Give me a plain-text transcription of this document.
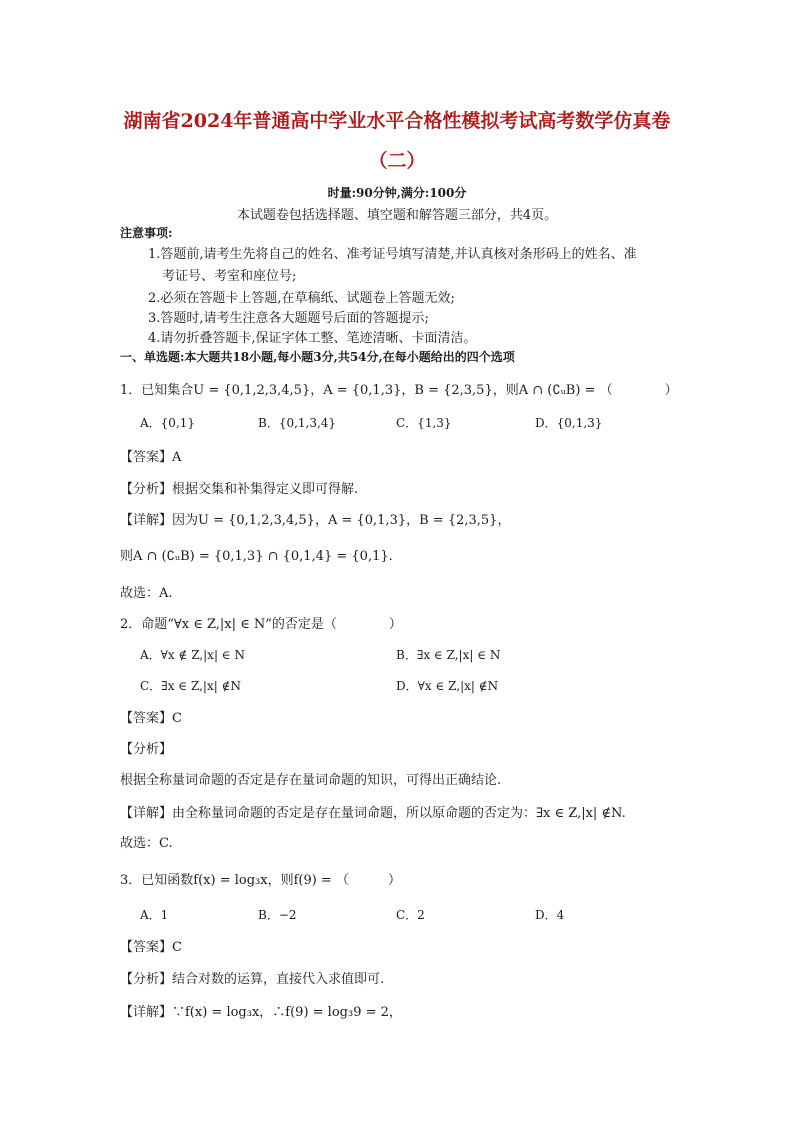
湖南省2024年普通高中学业水平合格性模拟考试高考数学仿真卷
（二）
时量:90分钟,满分:100分
本试题卷包括选择题、填空题和解答题三部分，共4页。
注意事项:
1.答题前,请考生先将自己的姓名、准考证号填写清楚,并认真核对条形码上的姓名、准
考证号、考室和座位号;
2.必须在答题卡上答题,在草稿纸、试题卷上答题无效;
3.答题时,请考生注意各大题题号后面的答题提示;
4.请勿折叠答题卡,保证字体工整、笔迹清晰、卡面清洁。
一、单选题:本大题共18小题,每小题3分,共54分,在每小题给出的四个选项
1．已知集合U = {0,1,2,3,4,5}，A = {0,1,3}，B = {2,3,5}，则A ∩ (∁ᵤB) = （　　　　）
A．{0,1}	B．{0,1,3,4}	C．{1,3}	D．{0,1,3}
【答案】A
【分析】根据交集和补集得定义即可得解.
【详解】因为U = {0,1,2,3,4,5}，A = {0,1,3}，B = {2,3,5}，
则A ∩ (∁ᵤB) = {0,1,3} ∩ {0,1,4} = {0,1}.
故选：A.
2．命题“∀x ∈ Z,|x| ∈ N”的否定是（　　　　）
A．∀x ∉ Z,|x| ∈ N	B．∃x ∈ Z,|x| ∈ N
C．∃x ∈ Z,|x| ∉N	D．∀x ∈ Z,|x| ∉N
【答案】C
【分析】
根据全称量词命题的否定是存在量词命题的知识，可得出正确结论.
【详解】由全称量词命题的否定是存在量词命题，所以原命题的否定为：∃x ∈ Z,|x| ∉N.
故选：C.
3．已知函数f(x) = log₃x，则f(9) = （　　　）
A．1	B．−2	C．2	D．4
【答案】C
【分析】结合对数的运算，直接代入求值即可.
【详解】∵f(x) = log₃x，∴f(9) = log₃9 = 2，
